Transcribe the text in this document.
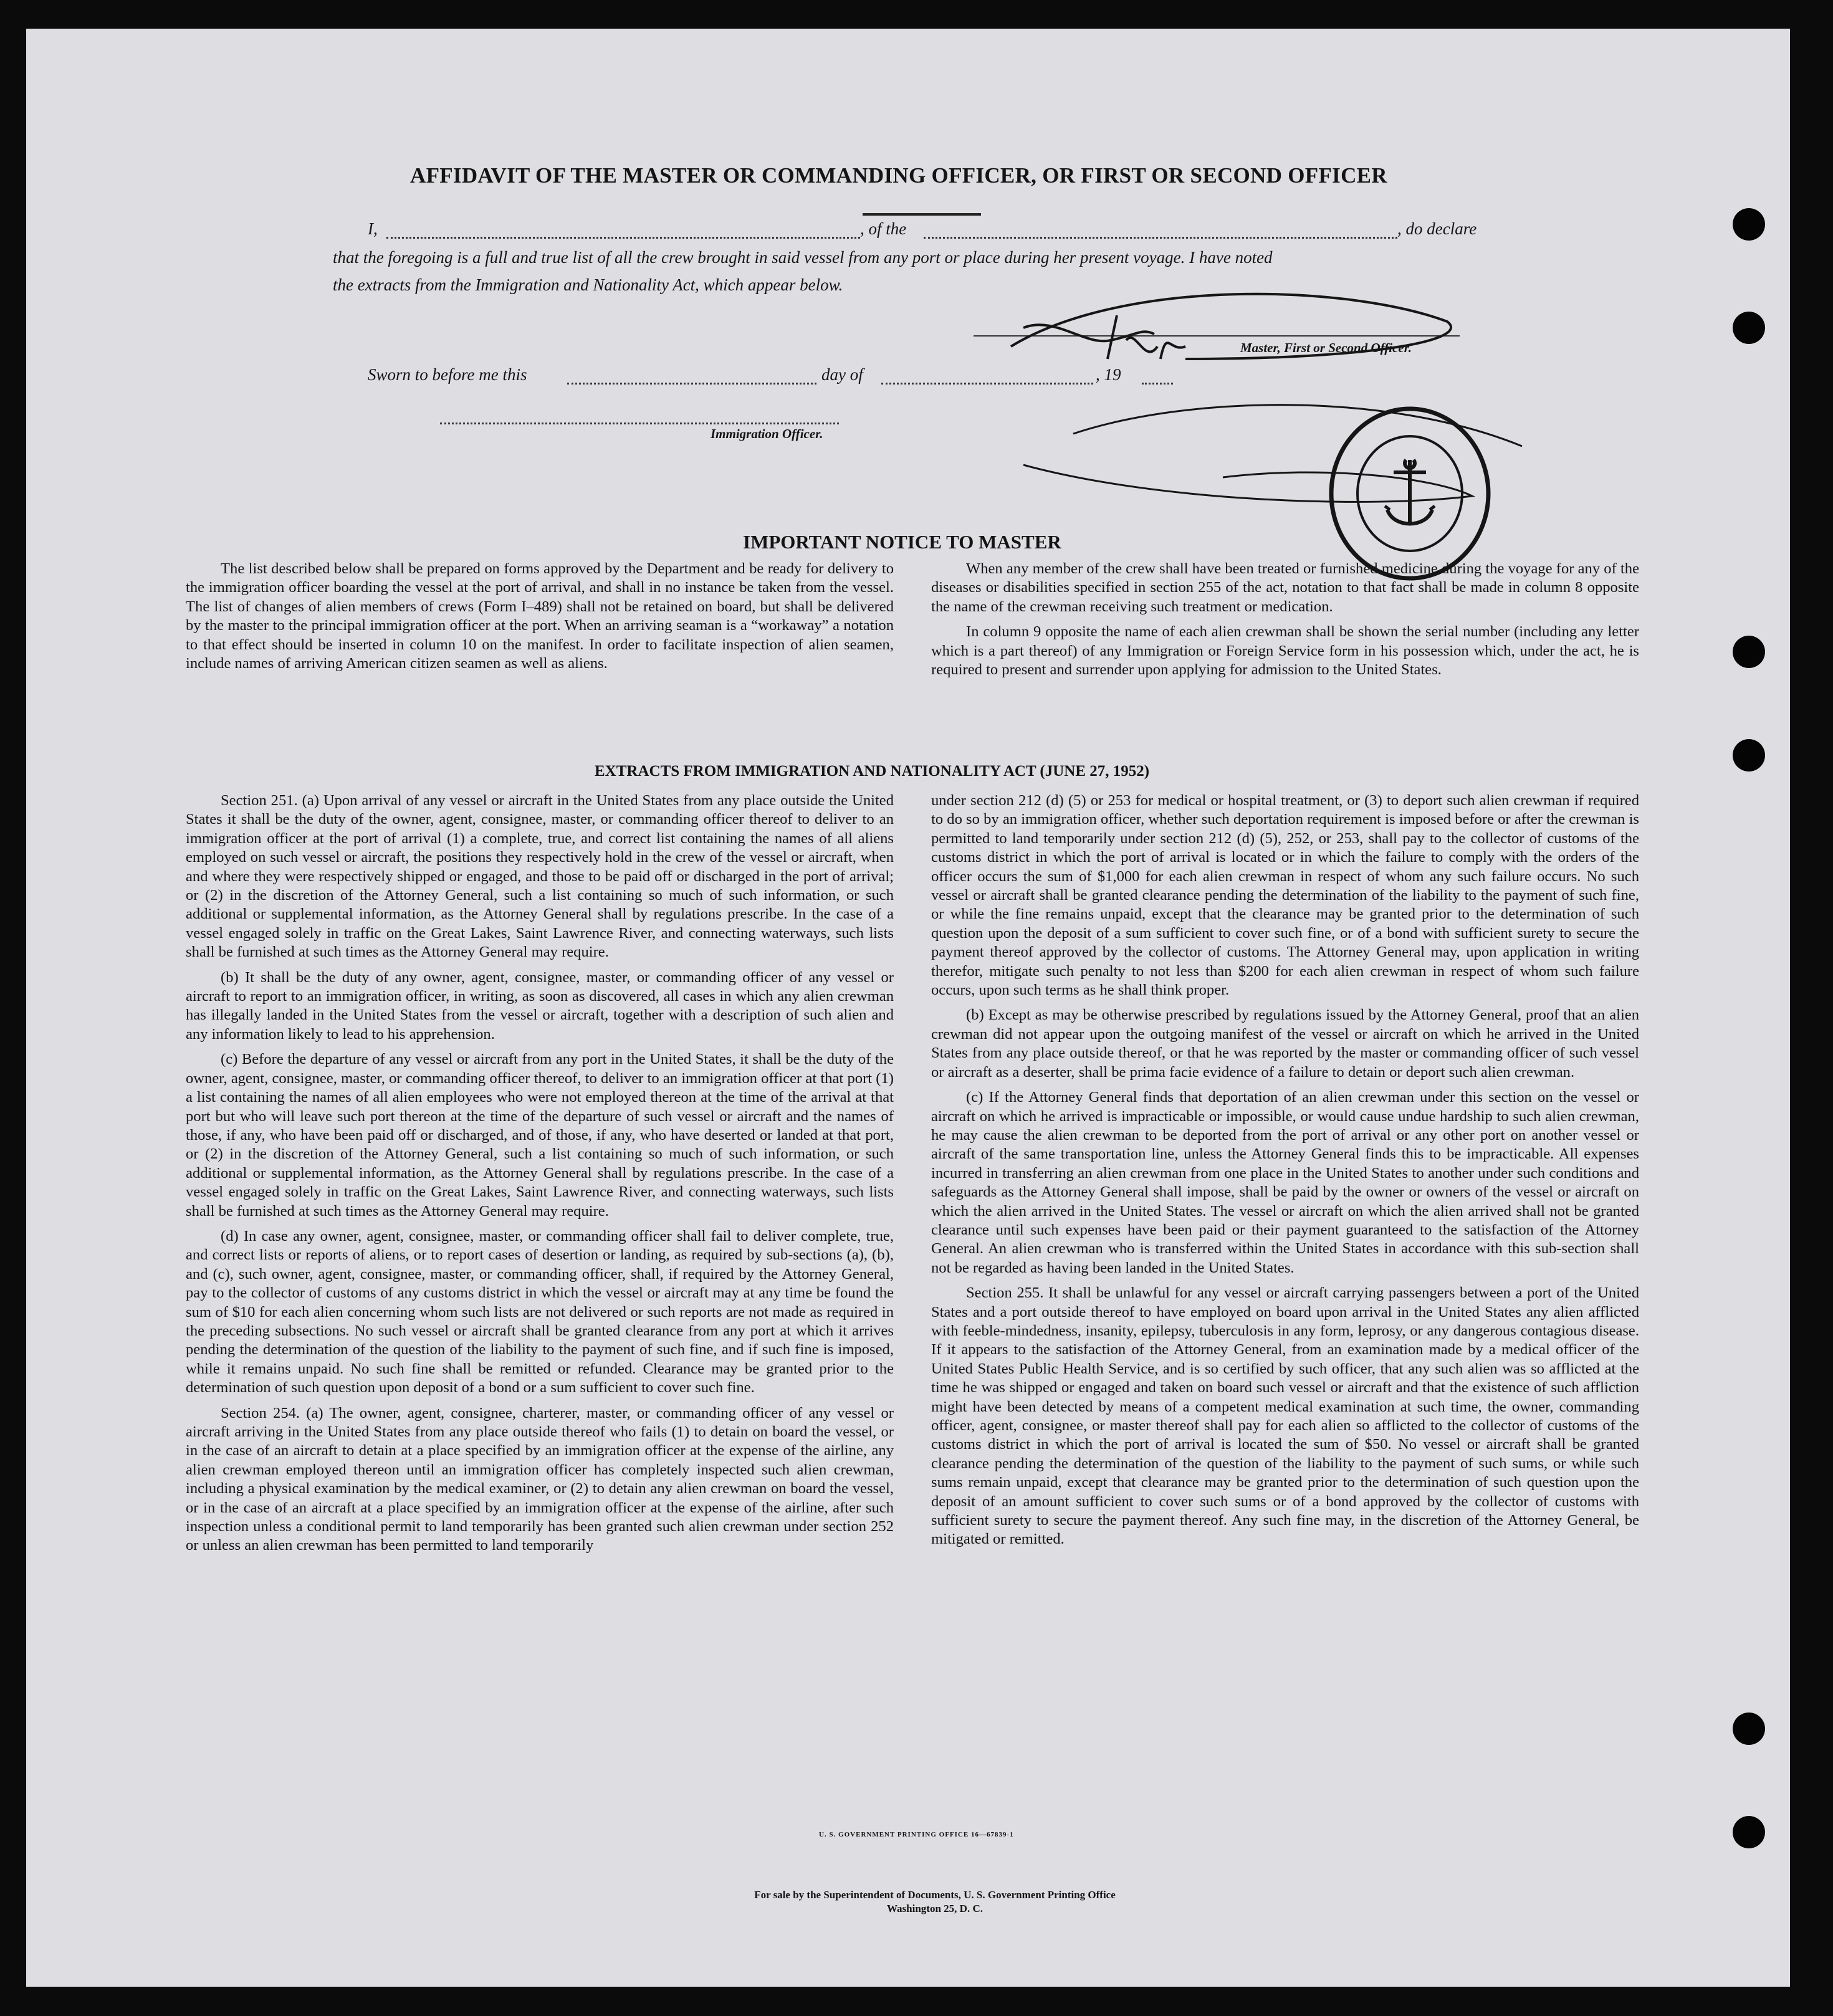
AFFIDAVIT OF THE MASTER OR COMMANDING OFFICER, OR FIRST OR SECOND OFFICER
I,	, of the	, do declare
that the foregoing is a full and true list of all the crew brought in said vessel from any port or place during her present voyage. I have noted
the extracts from the Immigration and Nationality Act, which appear below.
Master, First or Second Officer.
Sworn to before me this	day of	, 19
Immigration Officer.
IMPORTANT NOTICE TO MASTER

The list described below shall be prepared on forms approved by the Department and be ready for delivery to the immigration officer boarding the vessel at the port of arrival, and shall in no instance be taken from the vessel. The list of changes of alien members of crews (Form I–489) shall not be retained on board, but shall be delivered by the master to the principal immigration officer at the port. When an arriving seaman is a “workaway” a notation to that effect should be inserted in column 10 on the manifest. In order to facilitate inspection of alien seamen, include names of arriving American citizen seamen as well as aliens.

When any member of the crew shall have been treated or furnished medicine during the voyage for any of the diseases or disabilities specified in section 255 of the act, notation to that fact shall be made in column 8 opposite the name of the crewman receiving such treatment or medication.

In column 9 opposite the name of each alien crewman shall be shown the serial number (including any letter which is a part thereof) of any Immigration or Foreign Service form in his possession which, under the act, he is required to present and surrender upon applying for admission to the United States.

EXTRACTS FROM IMMIGRATION AND NATIONALITY ACT (JUNE 27, 1952)

Section 251. (a) Upon arrival of any vessel or aircraft in the United States from any place outside the United States it shall be the duty of the owner, agent, consignee, master, or commanding officer thereof to deliver to an immigration officer at the port of arrival (1) a complete, true, and correct list containing the names of all aliens employed on such vessel or aircraft, the positions they respectively hold in the crew of the vessel or aircraft, when and where they were respectively shipped or engaged, and those to be paid off or discharged in the port of arrival; or (2) in the discretion of the Attorney General, such a list containing so much of such information, or such additional or supplemental information, as the Attorney General shall by regulations prescribe. In the case of a vessel engaged solely in traffic on the Great Lakes, Saint Lawrence River, and connecting waterways, such lists shall be furnished at such times as the Attorney General may require.

(b) It shall be the duty of any owner, agent, consignee, master, or commanding officer of any vessel or aircraft to report to an immigration officer, in writing, as soon as discovered, all cases in which any alien crewman has illegally landed in the United States from the vessel or aircraft, together with a description of such alien and any information likely to lead to his apprehension.

(c) Before the departure of any vessel or aircraft from any port in the United States, it shall be the duty of the owner, agent, consignee, master, or commanding officer thereof, to deliver to an immigration officer at that port (1) a list containing the names of all alien employees who were not employed thereon at the time of the arrival at that port but who will leave such port thereon at the time of the departure of such vessel or aircraft and the names of those, if any, who have been paid off or discharged, and of those, if any, who have deserted or landed at that port, or (2) in the discretion of the Attorney General, such a list containing so much of such information, or such additional or supplemental information, as the Attorney General shall by regulations prescribe. In the case of a vessel engaged solely in traffic on the Great Lakes, Saint Lawrence River, and connecting waterways, such lists shall be furnished at such times as the Attorney General may require.

(d) In case any owner, agent, consignee, master, or commanding officer shall fail to deliver complete, true, and correct lists or reports of aliens, or to report cases of desertion or landing, as required by sub-sections (a), (b), and (c), such owner, agent, consignee, master, or commanding officer, shall, if required by the Attorney General, pay to the collector of customs of any customs district in which the vessel or aircraft may at any time be found the sum of $10 for each alien concerning whom such lists are not delivered or such reports are not made as required in the preceding subsections. No such vessel or aircraft shall be granted clearance from any port at which it arrives pending the determination of the question of the liability to the payment of such fine, and if such fine is imposed, while it remains unpaid. No such fine shall be remitted or refunded. Clearance may be granted prior to the determination of such question upon deposit of a bond or a sum sufficient to cover such fine.

Section 254. (a) The owner, agent, consignee, charterer, master, or commanding officer of any vessel or aircraft arriving in the United States from any place outside thereof who fails (1) to detain on board the vessel, or in the case of an aircraft to detain at a place specified by an immigration officer at the expense of the airline, any alien crewman employed thereon until an immigration officer has completely inspected such alien crewman, including a physical examination by the medical examiner, or (2) to detain any alien crewman on board the vessel, or in the case of an aircraft at a place specified by an immigration officer at the expense of the airline, after such inspection unless a conditional permit to land temporarily has been granted such alien crewman under section 252 or unless an alien crewman has been permitted to land temporarily

under section 212 (d) (5) or 253 for medical or hospital treatment, or (3) to deport such alien crewman if required to do so by an immigration officer, whether such deportation requirement is imposed before or after the crewman is permitted to land temporarily under section 212 (d) (5), 252, or 253, shall pay to the collector of customs of the customs district in which the port of arrival is located or in which the failure to comply with the orders of the officer occurs the sum of $1,000 for each alien crewman in respect of whom any such failure occurs. No such vessel or aircraft shall be granted clearance pending the determination of the liability to the payment of such fine, or while the fine remains unpaid, except that the clearance may be granted prior to the determination of such question upon the deposit of a sum sufficient to cover such fine, or of a bond with sufficient surety to secure the payment thereof approved by the collector of customs. The Attorney General may, upon application in writing therefor, mitigate such penalty to not less than $200 for each alien crewman in respect of whom such failure occurs, upon such terms as he shall think proper.

(b) Except as may be otherwise prescribed by regulations issued by the Attorney General, proof that an alien crewman did not appear upon the outgoing manifest of the vessel or aircraft on which he arrived in the United States from any place outside thereof, or that he was reported by the master or commanding officer of such vessel or aircraft as a deserter, shall be prima facie evidence of a failure to detain or deport such alien crewman.

(c) If the Attorney General finds that deportation of an alien crewman under this section on the vessel or aircraft on which he arrived is impracticable or impossible, or would cause undue hardship to such alien crewman, he may cause the alien crewman to be deported from the port of arrival or any other port on another vessel or aircraft of the same transportation line, unless the Attorney General finds this to be impracticable. All expenses incurred in transferring an alien crewman from one place in the United States to another under such conditions and safeguards as the Attorney General shall impose, shall be paid by the owner or owners of the vessel or aircraft on which the alien arrived in the United States. The vessel or aircraft on which the alien arrived shall not be granted clearance until such expenses have been paid or their payment guaranteed to the satisfaction of the Attorney General. An alien crewman who is transferred within the United States in accordance with this sub-section shall not be regarded as having been landed in the United States.

Section 255. It shall be unlawful for any vessel or aircraft carrying passengers between a port of the United States and a port outside thereof to have employed on board upon arrival in the United States any alien afflicted with feeble-mindedness, insanity, epilepsy, tuberculosis in any form, leprosy, or any dangerous contagious disease. If it appears to the satisfaction of the Attorney General, from an examination made by a medical officer of the United States Public Health Service, and is so certified by such officer, that any such alien was so afflicted at the time he was shipped or engaged and taken on board such vessel or aircraft and that the existence of such affliction might have been detected by means of a competent medical examination at such time, the owner, commanding officer, agent, consignee, or master thereof shall pay for each alien so afflicted to the collector of customs of the customs district in which the port of arrival is located the sum of $50. No vessel or aircraft shall be granted clearance pending the determination of the question of the liability to the payment of such sums, or while such sums remain unpaid, except that clearance may be granted prior to the determination of such question upon the deposit of an amount sufficient to cover such sums or of a bond approved by the collector of customs with sufficient surety to secure the payment thereof. Any such fine may, in the discretion of the Attorney General, be mitigated or remitted.

U. S. GOVERNMENT PRINTING OFFICE 16—67839-1
For sale by the Superintendent of Documents, U. S. Government Printing Office
Washington 25, D. C.
